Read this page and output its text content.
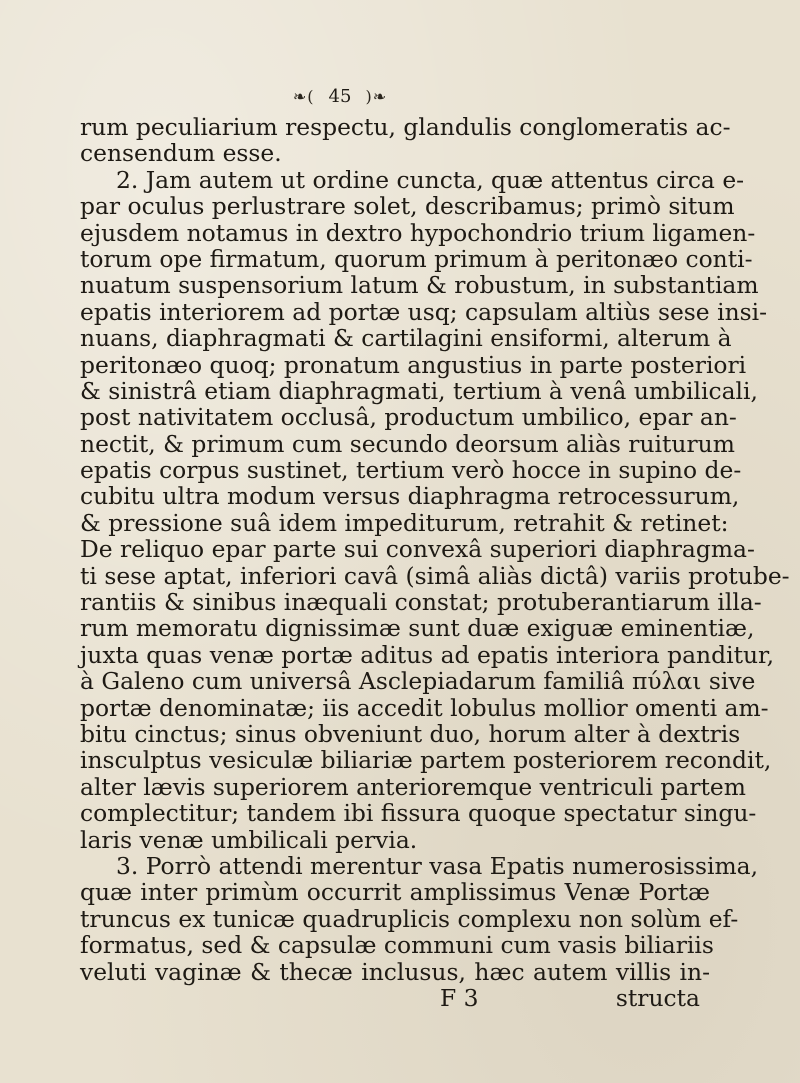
❧( 45 )❧
rum peculiarium respectu, glandulis conglomeratis ac-
censendum esse.
2. Jam autem ut ordine cuncta, quæ attentus circa e-
par oculus perlustrare solet, describamus; primò situm
ejusdem notamus in dextro hypochondrio trium ligamen-
torum ope firmatum, quorum primum à peritonæo conti-
nuatum suspensorium latum & robustum, in substantiam
epatis interiorem ad portæ usq; capsulam altiùs sese insi-
nuans, diaphragmati & cartilagini ensiformi, alterum à
peritonæo quoq; pronatum angustius in parte posteriori
& sinistrâ etiam diaphragmati, tertium à venâ umbilicali,
post nativitatem occlusâ, productum umbilico, epar an-
nectit, & primum cum secundo deorsum aliàs ruiturum
epatis corpus sustinet, tertium verò hocce in supino de-
cubitu ultra modum versus diaphragma retrocessurum,
& pressione suâ idem impediturum, retrahit & retinet:
De reliquo epar parte sui convexâ superiori diaphragma-
ti sese aptat, inferiori cavâ (simâ aliàs dictâ) variis protube-
rantiis & sinibus inæquali constat; protuberantiarum illa-
rum memoratu dignissimæ sunt duæ exiguæ eminentiæ,
juxta quas venæ portæ aditus ad epatis interiora panditur,
à Galeno cum universâ Asclepiadarum familiâ πύλαι sive
portæ denominatæ; iis accedit lobulus mollior omenti am-
bitu cinctus; sinus obveniunt duo, horum alter à dextris
insculptus vesiculæ biliariæ partem posteriorem recondit,
alter lævis superiorem anterioremque ventriculi partem
complectitur; tandem ibi fissura quoque spectatur singu-
laris venæ umbilicali pervia.
3. Porrò attendi merentur vasa Epatis numerosissima,
quæ inter primùm occurrit amplissimus Venæ Portæ
truncus ex tunicæ quadruplicis complexu non solùm ef-
formatus, sed & capsulæ communi cum vasis biliariis
veluti vaginæ & thecæ inclusus, hæc autem villis in-
F 3	structa
